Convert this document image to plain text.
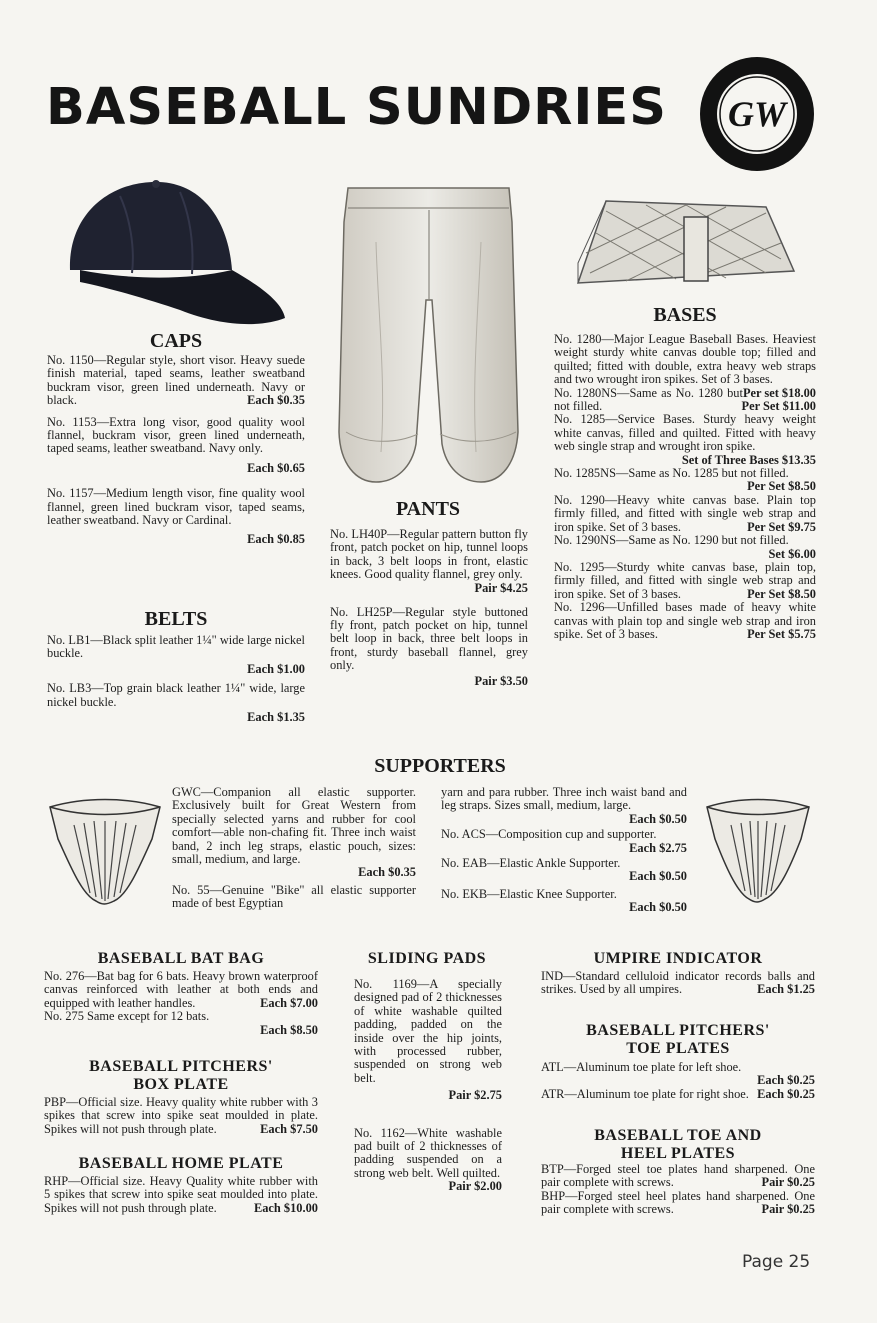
BASEBALL SUNDRIES GW
CAPS

No. 1150—Regular style, short visor. Heavy suede finish material, taped seams, leather sweatband buckram visor, green lined underneath. Navy or black.	Each $0.35

No. 1153—Extra long visor, good quality wool flannel, buckram visor, green lined underneath, taped seams, leather sweatband. Navy only.

Each $0.65

No. 1157—Medium length visor, fine quality wool flannel, green lined buckram visor, taped seams, leather sweatband. Navy or Cardinal.

Each $0.85
BELTS

No. LB1—Black split leather 1¼" wide large nickel buckle.

Each $1.00

No. LB3—Top grain black leather 1¼" wide, large nickel buckle.

Each $1.35
PANTS

No. LH40P—Regular pattern button fly front, patch pocket on hip, tunnel loops in back, 3 belt loops in front, elastic knees. Good quality flannel, grey only.
Pair $4.25

No. LH25P—Regular style buttoned fly front, patch pocket on hip, tunnel belt loop in back, three belt loops in front, sturdy baseball flannel, grey only.

Pair $3.50
BASES

No. 1280—Major League Baseball Bases. Heaviest weight sturdy white canvas double top; filled and quilted; fitted with double, extra heavy web straps and two wrought iron spikes. Set of 3 bases.
Per set $18.00

No. 1280NS—Same as No. 1280 but not filled.	Per Set $11.00

No. 1285—Service Bases. Sturdy heavy weight white canvas, filled and quilted. Fitted with heavy web single strap and wrought iron spike.

Set of Three Bases $13.35

No. 1285NS—Same as No. 1285 but not filled.
Per Set $8.50

No. 1290—Heavy white canvas base. Plain top firmly filled, and fitted with single web strap and iron spike. Set of 3 bases.	Per Set $9.75

No. 1290NS—Same as No. 1290 but not filled.
Set $6.00

No. 1295—Sturdy white canvas base, plain top, firmly filled, and fitted with single web strap and iron spike. Set of 3 bases.	Per Set $8.50

No. 1296—Unfilled bases made of heavy white canvas with plain top and single web strap and iron spike. Set of 3 bases.	Per Set $5.75

SUPPORTERS

GWC—Companion all elastic supporter. Exclusively built for Great Western from specially selected yarns and rubber for cool comfort—able non-chafing fit. Three inch waist band, 2 inch leg straps, elastic pouch, sizes: small, medium, and large.

Each $0.35

No. 55—Genuine "Bike" all elastic supporter made of best Egyptian

yarn and para rubber. Three inch waist band and leg straps. Sizes small, medium, large.
Each $0.50

No. ACS—Composition cup and supporter.

Each $2.75

No. EAB—Elastic Ankle Supporter.

Each $0.50

No. EKB—Elastic Knee Supporter.

Each $0.50
BASEBALL BAT BAG

No. 276—Bat bag for 6 bats. Heavy brown waterproof canvas reinforced with leather at both ends and equipped with leather handles.	Each $7.00

No. 275 Same except for 12 bats.

Each $8.50
BASEBALL PITCHERS'
BOX PLATE

PBP—Official size. Heavy quality white rubber with 3 spikes that screw into spike seat moulded in plate. Spikes will not push through plate.	Each $7.50

BASEBALL HOME PLATE

RHP—Official size. Heavy Quality white rubber with 5 spikes that screw into spike seat moulded into plate. Spikes will not push through plate.	Each $10.00

SLIDING PADS

No. 1169—A specially designed pad of 2 thicknesses of white washable quilted padding, padded on the inside over the hip joints, with processed rubber, suspended on strong web belt.

Pair $2.75

No. 1162—White washable pad built of 2 thicknesses of padding suspended on a strong web belt. Well quilted.
Pair $2.00

UMPIRE INDICATOR

IND—Standard celluloid indicator records balls and strikes. Used by all umpires.	Each $1.25

BASEBALL PITCHERS'
TOE PLATES

ATL—Aluminum toe plate for left shoe.

Each $0.25

ATR—Aluminum toe plate for right shoe. Each $0.25

BASEBALL TOE AND
HEEL PLATES

BTP—Forged steel toe plates hand sharpened. One pair complete with screws.	Pair $0.25

BHP—Forged steel heel plates hand sharpened. One pair complete with screws.	Pair $0.25

Page 25
